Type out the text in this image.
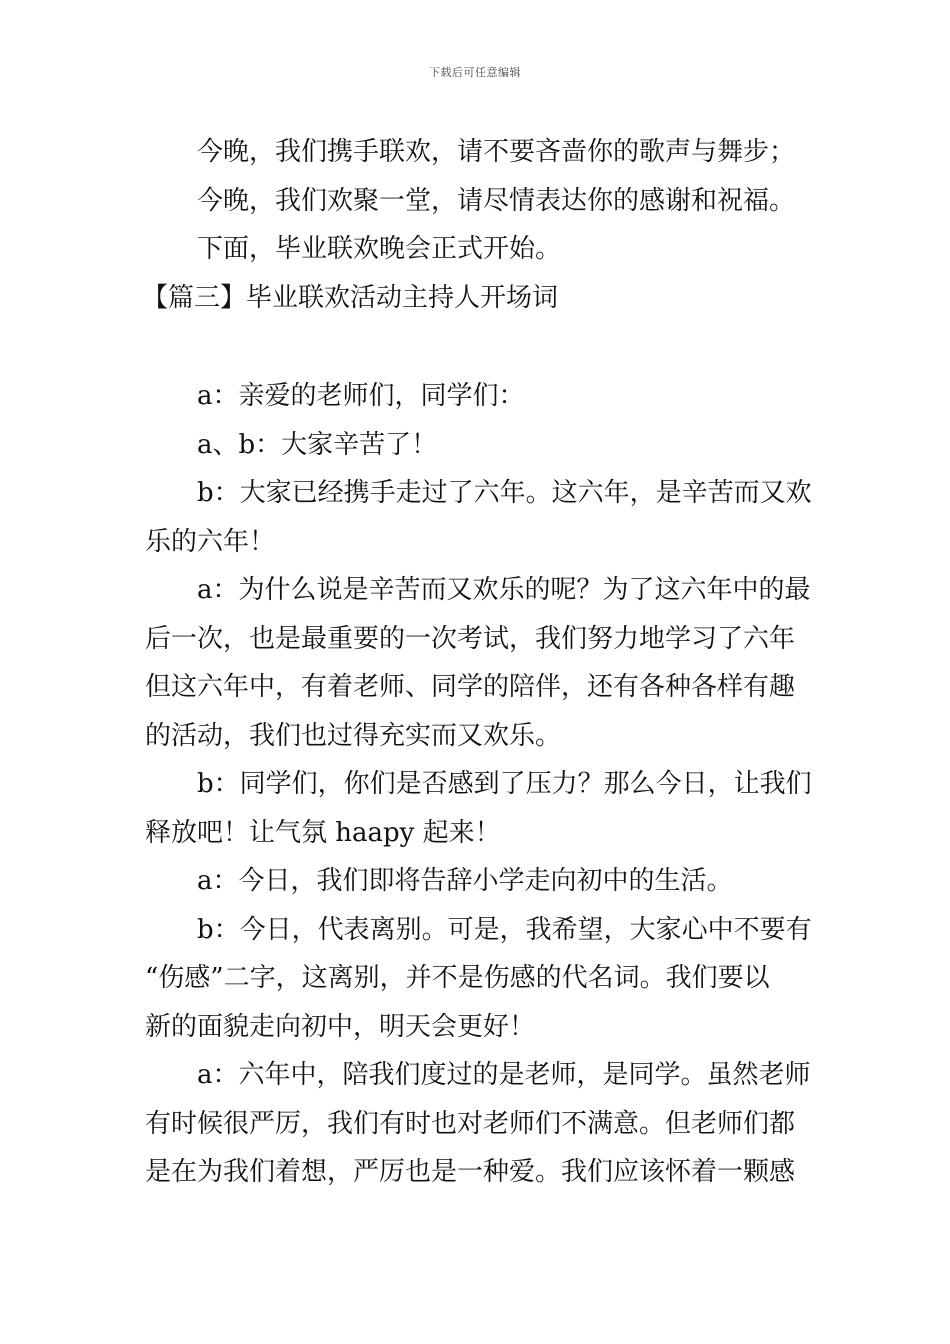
下载后可任意编辑

今晚，我们携手联欢，请不要吝啬你的歌声与舞步；

今晚，我们欢聚一堂，请尽情表达你的感谢和祝福。

下面，毕业联欢晚会正式开始。

【篇三】毕业联欢活动主持人开场词

a：亲爱的老师们，同学们：

a、b：大家辛苦了！

b：大家已经携手走过了六年。这六年，是辛苦而又欢

乐的六年！

a：为什么说是辛苦而又欢乐的呢？为了这六年中的最

后一次，也是最重要的一次考试，我们努力地学习了六年

但这六年中，有着老师、同学的陪伴，还有各种各样有趣

的活动，我们也过得充实而又欢乐。

b：同学们，你们是否感到了压力？那么今日，让我们

释放吧！让气氛 haapy 起来！

a：今日，我们即将告辞小学走向初中的生活。

b：今日，代表离别。可是，我希望，大家心中不要有

“伤感”二字，这离别，并不是伤感的代名词。我们要以

新的面貌走向初中，明天会更好！

a：六年中，陪我们度过的是老师，是同学。虽然老师

有时候很严厉，我们有时也对老师们不满意。但老师们都

是在为我们着想，严厉也是一种爱。我们应该怀着一颗感
